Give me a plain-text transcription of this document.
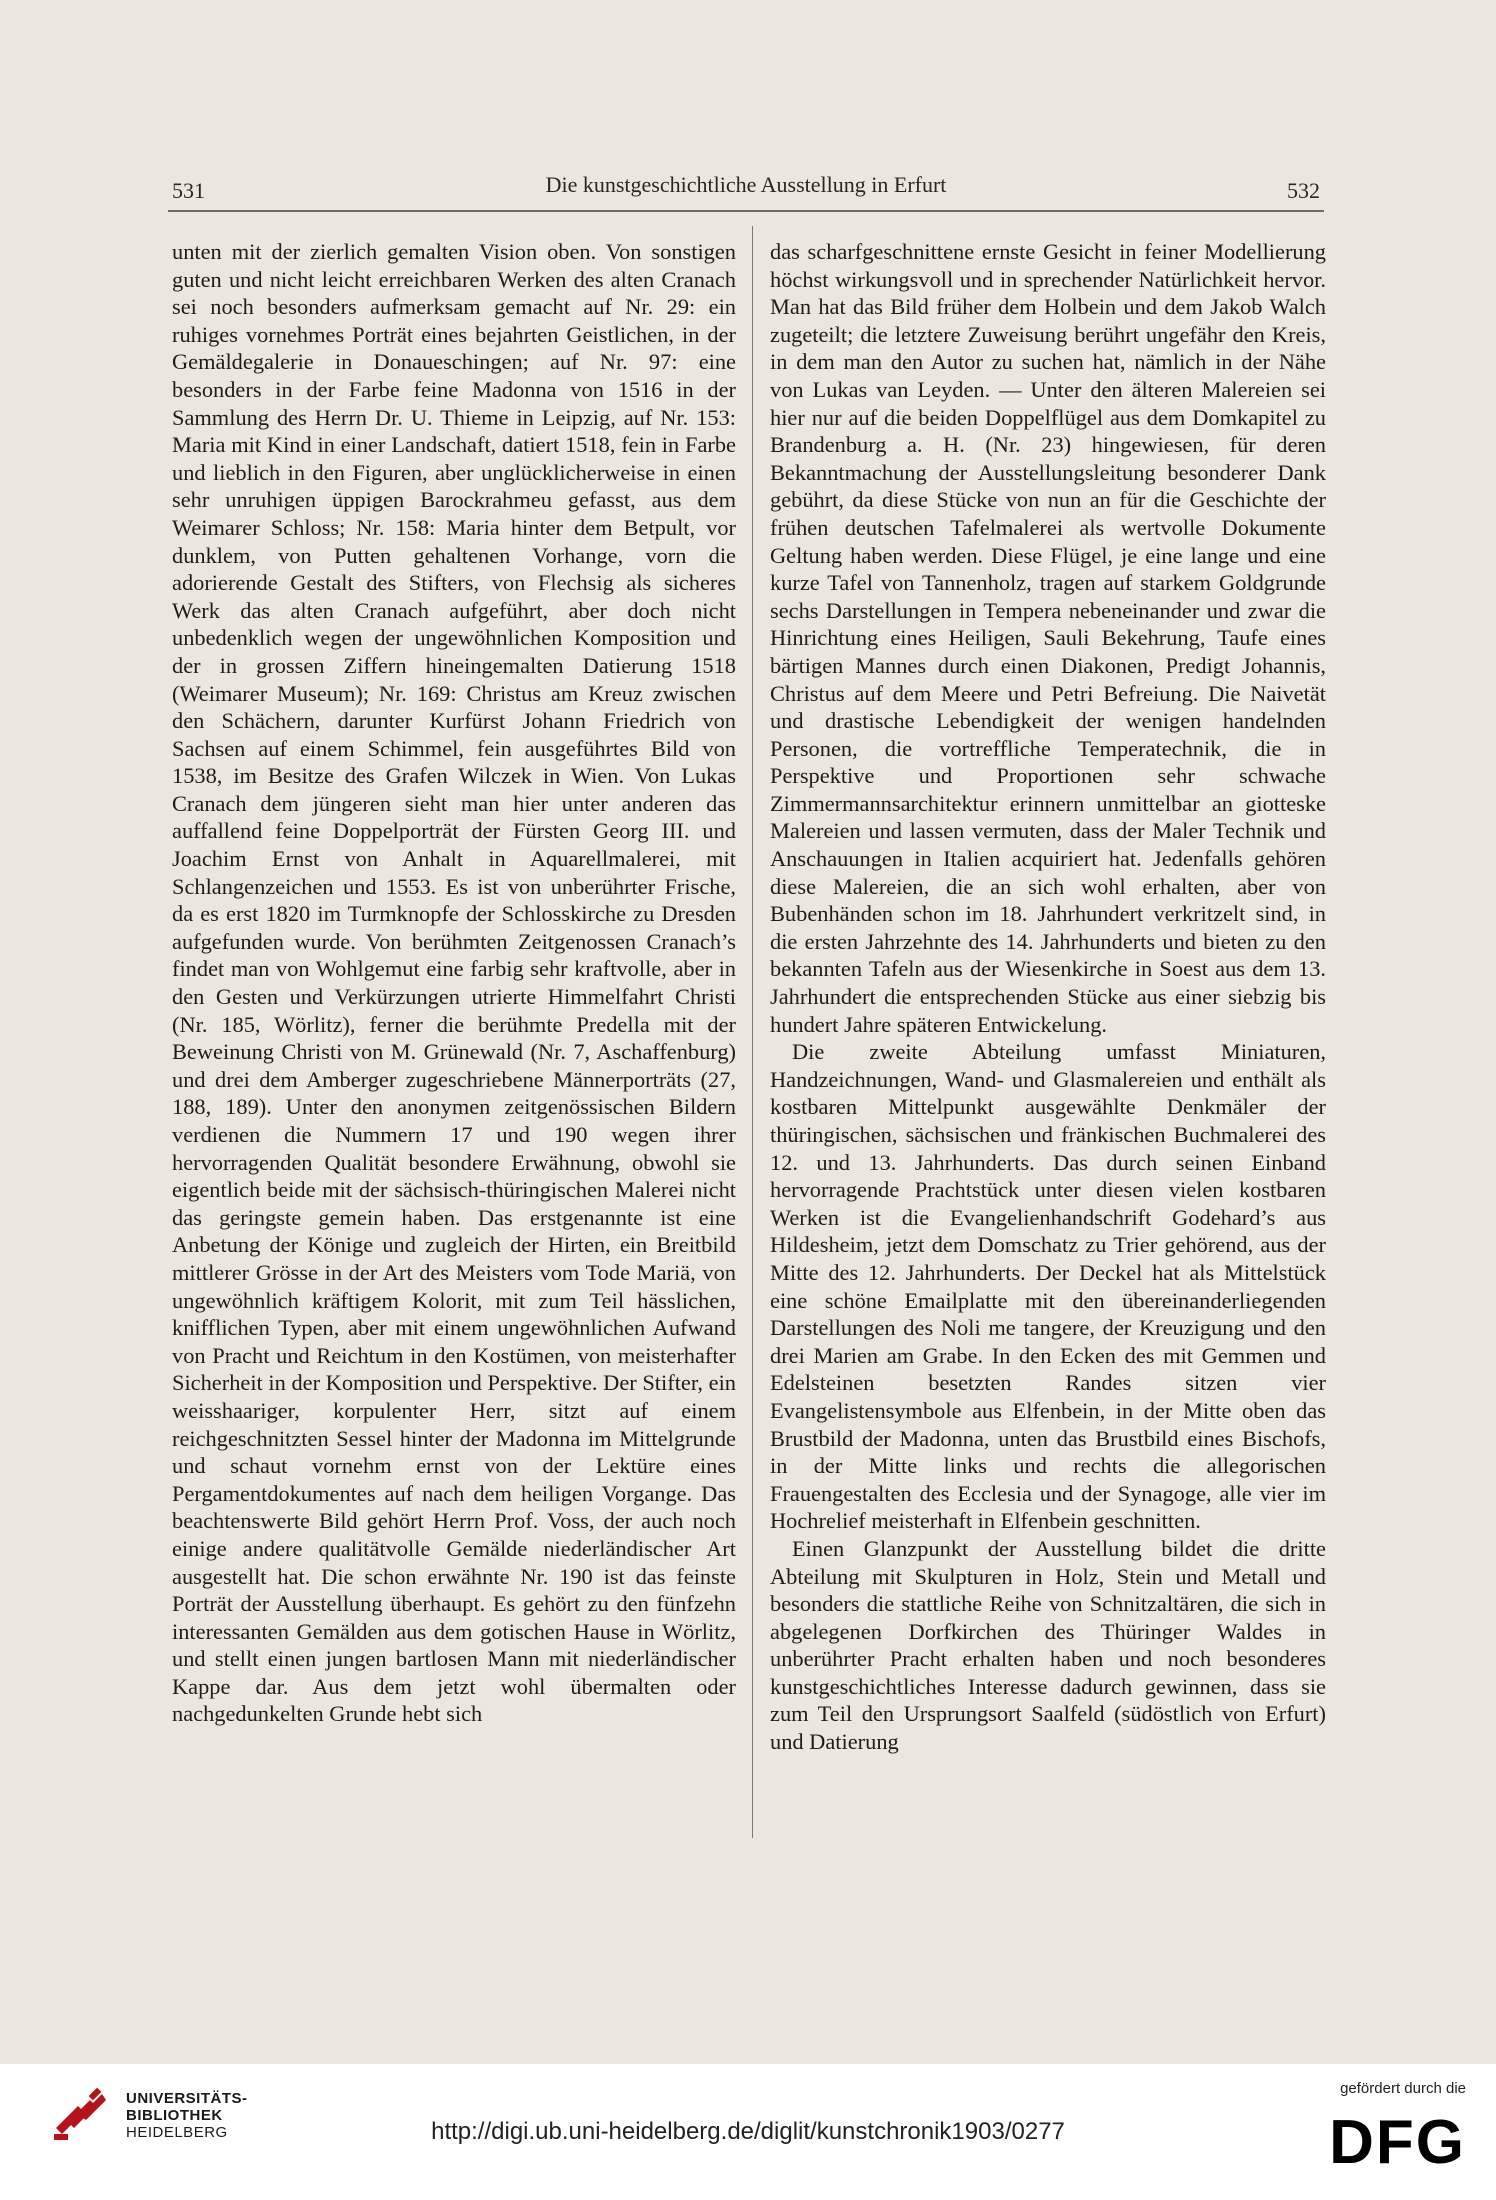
531	Die kunstgeschichtliche Ausstellung in Erfurt	532

unten mit der zierlich gemalten Vision oben. Von sonstigen guten und nicht leicht erreichbaren Werken des alten Cranach sei noch besonders aufmerksam gemacht auf Nr. 29: ein ruhiges vornehmes Porträt eines bejahrten Geistlichen, in der Gemäldegalerie in Donaueschingen; auf Nr. 97: eine besonders in der Farbe feine Madonna von 1516 in der Sammlung des Herrn Dr. U. Thieme in Leipzig, auf Nr. 153: Maria mit Kind in einer Landschaft, datiert 1518, fein in Farbe und lieblich in den Figuren, aber unglücklicherweise in einen sehr unruhigen üppigen Barockrahmeu gefasst, aus dem Weimarer Schloss; Nr. 158: Maria hinter dem Betpult, vor dunklem, von Putten gehaltenen Vorhange, vorn die adorierende Gestalt des Stifters, von Flechsig als sicheres Werk das alten Cranach aufgeführt, aber doch nicht unbedenklich wegen der ungewöhnlichen Komposition und der in grossen Ziffern hineingemalten Datierung 1518 (Weimarer Museum); Nr. 169: Christus am Kreuz zwischen den Schächern, darunter Kurfürst Johann Friedrich von Sachsen auf einem Schimmel, fein ausgeführtes Bild von 1538, im Besitze des Grafen Wilczek in Wien. Von Lukas Cranach dem jüngeren sieht man hier unter anderen das auffallend feine Doppelporträt der Fürsten Georg III. und Joachim Ernst von Anhalt in Aquarellmalerei, mit Schlangenzeichen und 1553. Es ist von unberührter Frische, da es erst 1820 im Turmknopfe der Schlosskirche zu Dresden aufgefunden wurde. Von berühmten Zeitgenossen Cranach’s findet man von Wohlgemut eine farbig sehr kraftvolle, aber in den Gesten und Verkürzungen utrierte Himmelfahrt Christi (Nr. 185, Wörlitz), ferner die berühmte Predella mit der Beweinung Christi von M. Grünewald (Nr. 7, Aschaffenburg) und drei dem Amberger zugeschriebene Männerporträts (27, 188, 189). Unter den anonymen zeitgenössischen Bildern verdienen die Nummern 17 und 190 wegen ihrer hervorragenden Qualität besondere Erwähnung, obwohl sie eigentlich beide mit der sächsisch-thüringischen Malerei nicht das geringste gemein haben. Das erstgenannte ist eine Anbetung der Könige und zugleich der Hirten, ein Breitbild mittlerer Grösse in der Art des Meisters vom Tode Mariä, von ungewöhnlich kräftigem Kolorit, mit zum Teil hässlichen, knifflichen Typen, aber mit einem ungewöhnlichen Aufwand von Pracht und Reichtum in den Kostümen, von meisterhafter Sicherheit in der Komposition und Perspektive. Der Stifter, ein weisshaariger, korpulenter Herr, sitzt auf einem reichgeschnitzten Sessel hinter der Madonna im Mittelgrunde und schaut vornehm ernst von der Lektüre eines Pergamentdokumentes auf nach dem heiligen Vorgange. Das beachtenswerte Bild gehört Herrn Prof. Voss, der auch noch einige andere qualitätvolle Gemälde niederländischer Art ausgestellt hat. Die schon erwähnte Nr. 190 ist das feinste Porträt der Ausstellung überhaupt. Es gehört zu den fünfzehn interessanten Gemälden aus dem gotischen Hause in Wörlitz, und stellt einen jungen bartlosen Mann mit niederländischer Kappe dar. Aus dem jetzt wohl übermalten oder nachgedunkelten Grunde hebt sich

das scharfgeschnittene ernste Gesicht in feiner Modellierung höchst wirkungsvoll und in sprechender Natürlichkeit hervor. Man hat das Bild früher dem Holbein und dem Jakob Walch zugeteilt; die letztere Zuweisung berührt ungefähr den Kreis, in dem man den Autor zu suchen hat, nämlich in der Nähe von Lukas van Leyden. — Unter den älteren Malereien sei hier nur auf die beiden Doppelflügel aus dem Domkapitel zu Brandenburg a. H. (Nr. 23) hingewiesen, für deren Bekanntmachung der Ausstellungsleitung besonderer Dank gebührt, da diese Stücke von nun an für die Geschichte der frühen deutschen Tafelmalerei als wertvolle Dokumente Geltung haben werden. Diese Flügel, je eine lange und eine kurze Tafel von Tannenholz, tragen auf starkem Goldgrunde sechs Darstellungen in Tempera nebeneinander und zwar die Hinrichtung eines Heiligen, Sauli Bekehrung, Taufe eines bärtigen Mannes durch einen Diakonen, Predigt Johannis, Christus auf dem Meere und Petri Befreiung. Die Naivetät und drastische Lebendigkeit der wenigen handelnden Personen, die vortreffliche Temperatechnik, die in Perspektive und Proportionen sehr schwache Zimmermannsarchitektur erinnern unmittelbar an giotteske Malereien und lassen vermuten, dass der Maler Technik und Anschauungen in Italien acquiriert hat. Jedenfalls gehören diese Malereien, die an sich wohl erhalten, aber von Bubenhänden schon im 18. Jahrhundert verkritzelt sind, in die ersten Jahrzehnte des 14. Jahrhunderts und bieten zu den bekannten Tafeln aus der Wiesenkirche in Soest aus dem 13. Jahrhundert die entsprechenden Stücke aus einer siebzig bis hundert Jahre späteren Entwickelung.

Die zweite Abteilung umfasst Miniaturen, Handzeichnungen, Wand- und Glasmalereien und enthält als kostbaren Mittelpunkt ausgewählte Denkmäler der thüringischen, sächsischen und fränkischen Buchmalerei des 12. und 13. Jahrhunderts. Das durch seinen Einband hervorragende Prachtstück unter diesen vielen kostbaren Werken ist die Evangelienhandschrift Godehard’s aus Hildesheim, jetzt dem Domschatz zu Trier gehörend, aus der Mitte des 12. Jahrhunderts. Der Deckel hat als Mittelstück eine schöne Emailplatte mit den übereinanderliegenden Darstellungen des Noli me tangere, der Kreuzigung und den drei Marien am Grabe. In den Ecken des mit Gemmen und Edelsteinen besetzten Randes sitzen vier Evangelistensymbole aus Elfenbein, in der Mitte oben das Brustbild der Madonna, unten das Brustbild eines Bischofs, in der Mitte links und rechts die allegorischen Frauengestalten des Ecclesia und der Synagoge, alle vier im Hochrelief meisterhaft in Elfenbein geschnitten.

Einen Glanzpunkt der Ausstellung bildet die dritte Abteilung mit Skulpturen in Holz, Stein und Metall und besonders die stattliche Reihe von Schnitzaltären, die sich in abgelegenen Dorfkirchen des Thüringer Waldes in unberührter Pracht erhalten haben und noch besonderes kunstgeschichtliches Interesse dadurch gewinnen, dass sie zum Teil den Ursprungsort Saalfeld (südöstlich von Erfurt) und Datierung

UNIVERSITÄTS-
BIBLIOTHEK
HEIDELBERG	http://digi.ub.uni-heidelberg.de/diglit/kunstchronik1903/0277
gefördert durch die
DFG
